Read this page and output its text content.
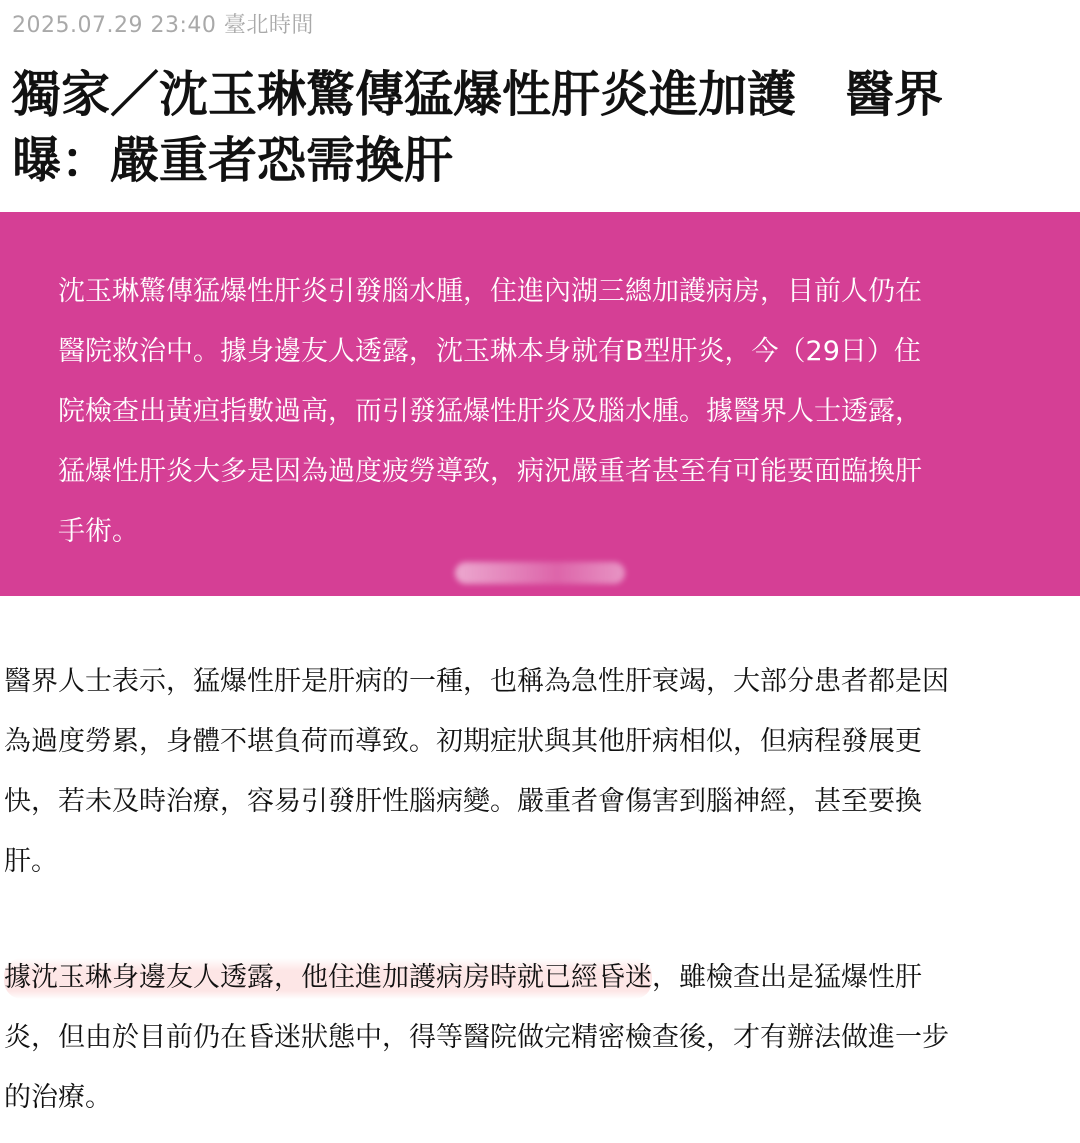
2025.07.29 23:40 臺北時間
獨家／沈玉琳驚傳猛爆性肝炎進加護　醫界
曝：嚴重者恐需換肝
沈玉琳驚傳猛爆性肝炎引發腦水腫，住進內湖三總加護病房，目前人仍在
醫院救治中。據身邊友人透露，沈玉琳本身就有B型肝炎，今（29日）住
院檢查出黃疸指數過高，而引發猛爆性肝炎及腦水腫。據醫界人士透露，
猛爆性肝炎大多是因為過度疲勞導致，病況嚴重者甚至有可能要面臨換肝
手術。
醫界人士表示，猛爆性肝是肝病的一種，也稱為急性肝衰竭，大部分患者都是因
為過度勞累，身體不堪負荷而導致。初期症狀與其他肝病相似，但病程發展更
快，若未及時治療，容易引發肝性腦病變。嚴重者會傷害到腦神經，甚至要換
肝。
據沈玉琳身邊友人透露，他住進加護病房時就已經昏迷，雖檢查出是猛爆性肝
炎，但由於目前仍在昏迷狀態中，得等醫院做完精密檢查後，才有辦法做進一步
的治療。
